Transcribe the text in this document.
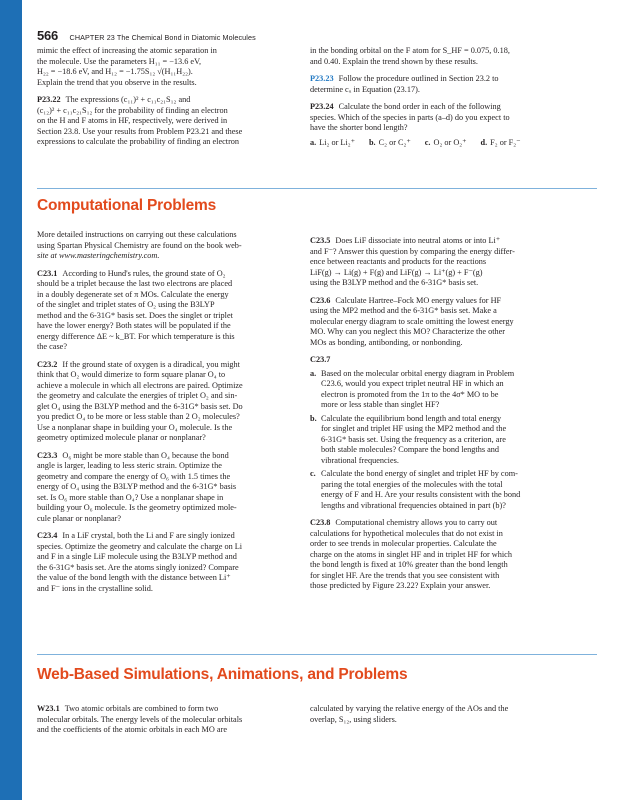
566 CHAPTER 23 The Chemical Bond in Diatomic Molecules

mimic the effect of increasing the atomic separation in
the molecule. Use the parameters H₁₁ = −13.6 eV,
H₂₂ = −18.6 eV, and H₁₂ = −1.75S₁₂ √(H₁₁H₂₂).
Explain the trend that you observe in the results.

P23.22 The expressions (c₁₁)² + c₁₁c₂₁S₁₂ and
(c₁₂)² + c₁₁c₂₁S₁₂ for the probability of finding an electron
on the H and F atoms in HF, respectively, were derived in
Section 23.8. Use your results from Problem P23.21 and these
expressions to calculate the probability of finding an electron

in the bonding orbital on the F atom for S_HF = 0.075, 0.18,
and 0.40. Explain the trend shown by these results.

P23.23 Follow the procedure outlined in Section 23.2 to
determine cᵤ in Equation (23.17).

P23.24 Calculate the bond order in each of the following
species. Which of the species in parts (a–d) do you expect to
have the shorter bond length?

a. Li₂ or Li₂⁺ b. C₂ or C₂⁺ c. O₂ or O₂⁺ d. F₂ or F₂⁻
Computational Problems

More detailed instructions on carrying out these calculations
using Spartan Physical Chemistry are found on the book web-
site at www.masteringchemistry.com.

C23.1 According to Hund's rules, the ground state of O₂
should be a triplet because the last two electrons are placed
in a doubly degenerate set of π MOs. Calculate the energy
of the singlet and triplet states of O₂ using the B3LYP
method and the 6-31G* basis set. Does the singlet or triplet
have the lower energy? Both states will be populated if the
energy difference ΔE ~ k_BT. For which temperature is this
the case?

C23.2 If the ground state of oxygen is a diradical, you might
think that O₂ would dimerize to form square planar O₄ to
achieve a molecule in which all electrons are paired. Optimize
the geometry and calculate the energies of triplet O₂ and sin-
glet O₄ using the B3LYP method and the 6-31G* basis set. Do
you predict O₄ to be more or less stable than 2 O₂ molecules?
Use a nonplanar shape in building your O₄ molecule. Is the
geometry optimized molecule planar or nonplanar?

C23.3 O₆ might be more stable than O₄ because the bond
angle is larger, leading to less steric strain. Optimize the
geometry and compare the energy of O₆ with 1.5 times the
energy of O₄ using the B3LYP method and the 6-31G* basis
set. Is O₆ more stable than O₄? Use a nonplanar shape in
building your O₆ molecule. Is the geometry optimized mole-
cule planar or nonplanar?

C23.4 In a LiF crystal, both the Li and F are singly ionized
species. Optimize the geometry and calculate the charge on Li
and F in a single LiF molecule using the B3LYP method and
the 6-31G* basis set. Are the atoms singly ionized? Compare
the value of the bond length with the distance between Li⁺
and F⁻ ions in the crystalline solid.

C23.5 Does LiF dissociate into neutral atoms or into Li⁺
and F⁻? Answer this question by comparing the energy differ-
ence between reactants and products for the reactions
LiF(g) → Li(g) + F(g) and LiF(g) → Li⁺(g) + F⁻(g)
using the B3LYP method and the 6-31G* basis set.

C23.6 Calculate Hartree–Fock MO energy values for HF
using the MP2 method and the 6-31G* basis set. Make a
molecular energy diagram to scale omitting the lowest energy
MO. Why can you neglect this MO? Characterize the other
MOs as bonding, antibonding, or nonbonding.

C23.7

a. Based on the molecular orbital energy diagram in Problem
C23.6, would you expect triplet neutral HF in which an
electron is promoted from the 1π to the 4σ* MO to be
more or less stable than singlet HF?
b. Calculate the equilibrium bond length and total energy
for singlet and triplet HF using the MP2 method and the
6-31G* basis set. Using the frequency as a criterion, are
both stable molecules? Compare the bond lengths and
vibrational frequencies.
c. Calculate the bond energy of singlet and triplet HF by com-
paring the total energies of the molecules with the total
energy of F and H. Are your results consistent with the bond
lengths and vibrational frequencies obtained in part (b)?

C23.8 Computational chemistry allows you to carry out
calculations for hypothetical molecules that do not exist in
order to see trends in molecular properties. Calculate the
charge on the atoms in singlet HF and in triplet HF for which
the bond length is fixed at 10% greater than the bond length
for singlet HF. Are the trends that you see consistent with
those predicted by Figure 23.22? Explain your answer.

Web-Based Simulations, Animations, and Problems

W23.1 Two atomic orbitals are combined to form two
molecular orbitals. The energy levels of the molecular orbitals
and the coefficients of the atomic orbitals in each MO are

calculated by varying the relative energy of the AOs and the
overlap, S₁₂, using sliders.
